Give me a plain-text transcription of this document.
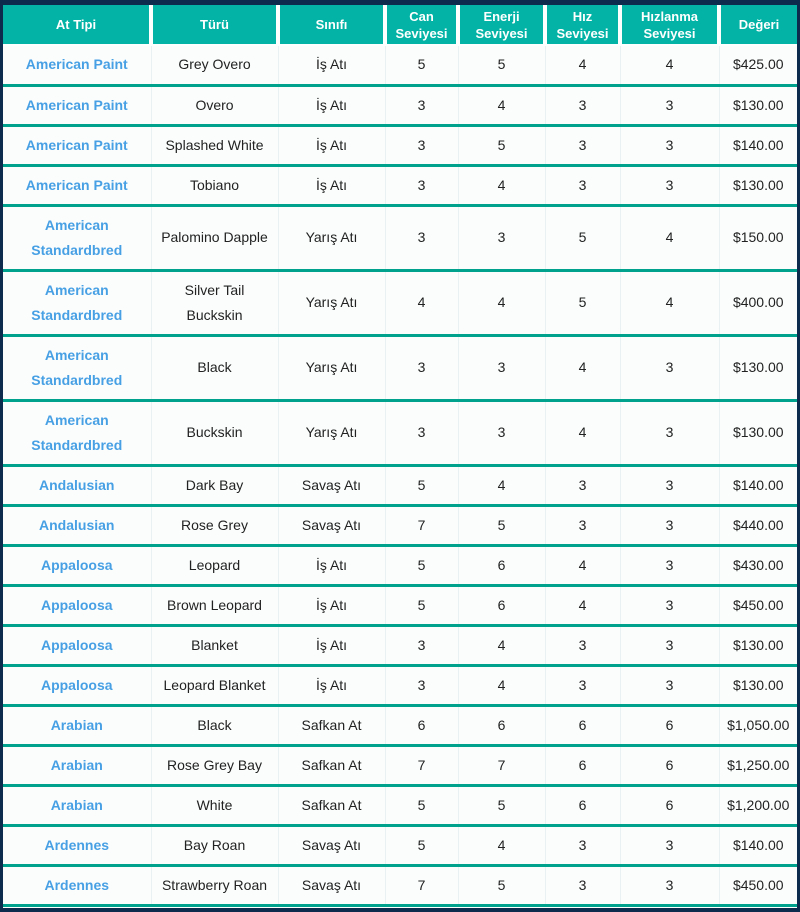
At Tipi	Türü	Sınıfı	Can Seviyesi	Enerji Seviyesi	Hız Seviyesi	Hızlanma Seviyesi	Değeri
American Paint	Grey Overo	İş Atı	5	5	4	4	$425.00
American Paint	Overo	İş Atı	3	4	3	3	$130.00
American Paint	Splashed White	İş Atı	3	5	3	3	$140.00
American Paint	Tobiano	İş Atı	3	4	3	3	$130.00
American Standardbred	Palomino Dapple	Yarış Atı	3	3	5	4	$150.00
American Standardbred	Silver Tail Buckskin	Yarış Atı	4	4	5	4	$400.00
American Standardbred	Black	Yarış Atı	3	3	4	3	$130.00
American Standardbred	Buckskin	Yarış Atı	3	3	4	3	$130.00
Andalusian	Dark Bay	Savaş Atı	5	4	3	3	$140.00
Andalusian	Rose Grey	Savaş Atı	7	5	3	3	$440.00
Appaloosa	Leopard	İş Atı	5	6	4	3	$430.00
Appaloosa	Brown Leopard	İş Atı	5	6	4	3	$450.00
Appaloosa	Blanket	İş Atı	3	4	3	3	$130.00
Appaloosa	Leopard Blanket	İş Atı	3	4	3	3	$130.00
Arabian	Black	Safkan At	6	6	6	6	$1,050.00
Arabian	Rose Grey Bay	Safkan At	7	7	6	6	$1,250.00
Arabian	White	Safkan At	5	5	6	6	$1,200.00
Ardennes	Bay Roan	Savaş Atı	5	4	3	3	$140.00
Ardennes	Strawberry Roan	Savaş Atı	7	5	3	3	$450.00
